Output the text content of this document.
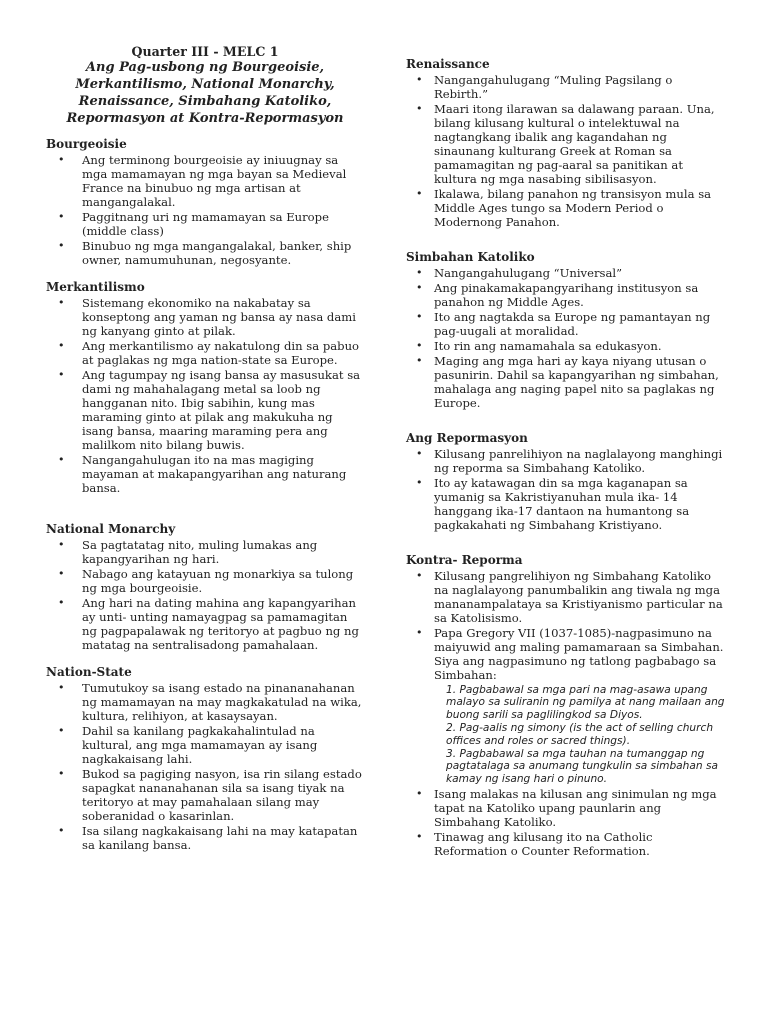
Quarter III - MELC 1

Ang Pag-usbong ng Bourgeoisie,
Merkantilismo, National Monarchy,
Renaissance, Simbahang Katoliko,
Repormasyon at Kontra-Repormasyon

Bourgeoisie
• Ang terminong bourgeoisie ay iniuugnay sa mga mamamayan ng mga bayan sa Medieval France na binubuo ng mga artisan at mangangalakal.
• Paggitnang uri ng mamamayan sa Europe (middle class)
• Binubuo ng mga mangangalakal, banker, ship owner, namumuhunan, negosyante.
Merkantilismo
• Sistemang ekonomiko na nakabatay sa konseptong ang yaman ng bansa ay nasa dami ng kanyang ginto at pilak.
• Ang merkantilismo ay nakatulong din sa pabuo at paglakas ng mga nation-state sa Europe.
• Ang tagumpay ng isang bansa ay masusukat sa dami ng mahahalagang metal sa loob ng hangganan nito. Ibig sabihin, kung mas maraming ginto at pilak ang makukuha ng isang bansa, maaring maraming pera ang malilkom nito bilang buwis.
• Nangangahulugan ito na mas magiging mayaman at makapangyarihan ang naturang bansa.
National Monarchy
• Sa pagtatatag nito, muling lumakas ang kapangyarihan ng hari.
• Nabago ang katayuan ng monarkiya sa tulong ng mga bourgeoisie.
• Ang hari na dating mahina ang kapangyarihan ay unti- unting namayagpag sa pamamagitan ng pagpapalawak ng teritoryo at pagbuo ng ng matatag na sentralisadong pamahalaan.
Nation-State
• Tumutukoy sa isang estado na pinananahanan ng mamamayan na may magkakatulad na wika, kultura, relihiyon, at kasaysayan.
• Dahil sa kanilang pagkakahalintulad na kultural, ang mga mamamayan ay isang nagkakaisang lahi.
• Bukod sa pagiging nasyon, isa rin silang estado sapagkat nananahanan sila sa isang tiyak na teritoryo at may pamahalaan silang may soberanidad o kasarinlan.
• Isa silang nagkakaisang lahi na may katapatan sa kanilang bansa.
Renaissance
• Nangangahulugang “Muling Pagsilang o Rebirth.”
• Maari itong ilarawan sa dalawang paraan. Una, bilang kilusang kultural o intelektuwal na nagtangkang ibalik ang kagandahan ng sinaunang kulturang Greek at Roman sa pamamagitan ng pag-aaral sa panitikan at kultura ng mga nasabing sibilisasyon.
• Ikalawa, bilang panahon ng transisyon mula sa Middle Ages tungo sa Modern Period o Modernong Panahon.
Simbahan Katoliko
• Nangangahulugang “Universal”
• Ang pinakamakapangyarihang institusyon sa panahon ng Middle Ages.
• Ito ang nagtakda sa Europe ng pamantayan ng pag-uugali at moralidad.
• Ito rin ang namamahala sa edukasyon.
• Maging ang mga hari ay kaya niyang utusan o pasunirin. Dahil sa kapangyarihan ng simbahan, mahalaga ang naging papel nito sa paglakas ng Europe.
Ang Repormasyon
• Kilusang panrelihiyon na naglalayong manghingi ng reporma sa Simbahang Katoliko.
• Ito ay katawagan din sa mga kaganapan sa yumanig sa Kakristiyanuhan mula ika- 14 hanggang ika-17 dantaon na humantong sa pagkakahati ng Simbahang Kristiyano.
Kontra- Reporma
• Kilusang pangrelihiyon ng Simbahang Katoliko na naglalayong panumbalikin ang tiwala ng mga mananampalataya sa Kristiyanismo particular na sa Katolisismo.
• Papa Gregory VII (1037-1085)-nagpasimuno na maiyuwid ang maling pamamaraan sa Simbahan. Siya ang nagpasimuno ng tatlong pagbabago sa Simbahan:
1. Pagbabawal sa mga pari na mag-asawa upang malayo sa suliranin ng pamilya at nang mailaan ang buong sarili sa paglilingkod sa Diyos.
2. Pag-aalis ng simony (is the act of selling church offices and roles or sacred things).
3. Pagbabawal sa mga tauhan na tumanggap ng pagtatalaga sa anumang tungkulin sa simbahan sa kamay ng isang hari o pinuno.
• Isang malakas na kilusan ang sinimulan ng mga tapat na Katoliko upang paunlarin ang Simbahang Katoliko.
• Tinawag ang kilusang ito na Catholic Reformation o Counter Reformation.
